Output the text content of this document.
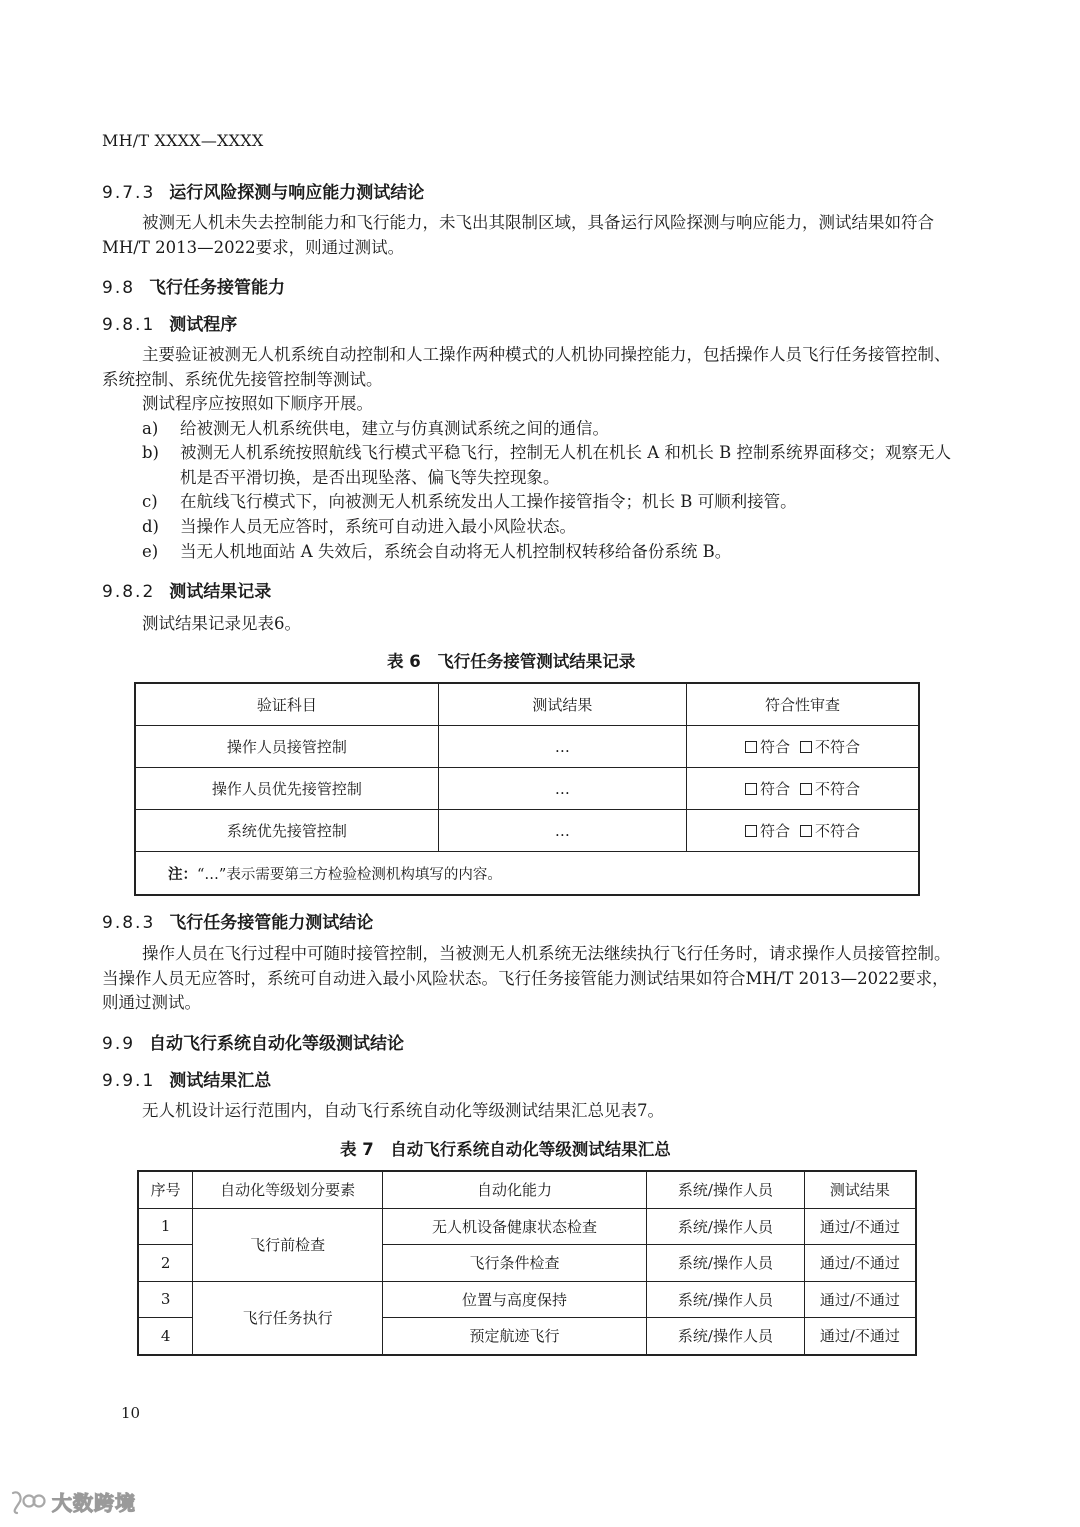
MH/T XXXX—XXXX
9.7.3 运行风险探测与响应能力测试结论
被测无人机未失去控制能力和飞行能力，未飞出其限制区域，具备运行风险探测与响应能力，测试结果如符合MH/T 2013—2022要求，则通过测试。
9.8 飞行任务接管能力
9.8.1 测试程序
主要验证被测无人机系统自动控制和人工操作两种模式的人机协同操控能力，包括操作人员飞行任务接管控制、系统控制、系统优先接管控制等测试。
测试程序应按照如下顺序开展。
a) 给被测无人机系统供电，建立与仿真测试系统之间的通信。
b) 被测无人机系统按照航线飞行模式平稳飞行，控制无人机在机长 A 和机长 B 控制系统界面移交；观察无人机是否平滑切换，是否出现坠落、偏飞等失控现象。
c) 在航线飞行模式下，向被测无人机系统发出人工操作接管指令；机长 B 可顺利接管。
d) 当操作人员无应答时，系统可自动进入最小风险状态。
e) 当无人机地面站 A 失效后，系统会自动将无人机控制权转移给备份系统 B。
9.8.2 测试结果记录
测试结果记录见表6。
表 6　飞行任务接管测试结果记录
验证科目	测试结果	符合性审查
操作人员接管控制	…	符合 不符合
操作人员优先接管控制	…	符合 不符合
系统优先接管控制	…	符合 不符合
注：“…”表示需要第三方检验检测机构填写的内容。		
9.8.3 飞行任务接管能力测试结论
操作人员在飞行过程中可随时接管控制，当被测无人机系统无法继续执行飞行任务时，请求操作人员接管控制。当操作人员无应答时，系统可自动进入最小风险状态。飞行任务接管能力测试结果如符合MH/T 2013—2022要求，则通过测试。
9.9 自动飞行系统自动化等级测试结论
9.9.1 测试结果汇总
无人机设计运行范围内，自动飞行系统自动化等级测试结果汇总见表7。
表 7　自动飞行系统自动化等级测试结果汇总
序号	自动化等级划分要素	自动化能力	系统/操作人员	测试结果
1	飞行前检查	无人机设备健康状态检查	系统/操作人员	通过/不通过
2		飞行条件检查	系统/操作人员	通过/不通过
3	飞行任务执行	位置与高度保持	系统/操作人员	通过/不通过
4		预定航迹飞行	系统/操作人员	通过/不通过
10
大数跨境
